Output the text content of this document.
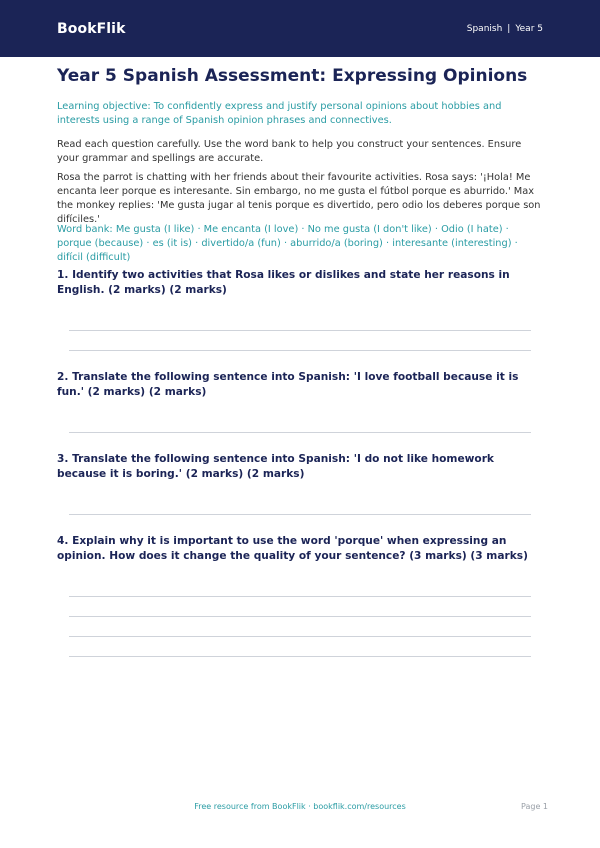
BookFlik	Spanish | Year 5
Year 5 Spanish Assessment: Expressing Opinions

Learning objective: To confidently express and justify personal opinions about hobbies and interests using a range of Spanish opinion phrases and connectives.

Read each question carefully. Use the word bank to help you construct your sentences. Ensure your grammar and spellings are accurate.

Rosa the parrot is chatting with her friends about their favourite activities. Rosa says: '¡Hola! Me encanta leer porque es interesante. Sin embargo, no me gusta el fútbol porque es aburrido.' Max the monkey replies: 'Me gusta jugar al tenis porque es divertido, pero odio los deberes porque son difíciles.'

Word bank: Me gusta (I like) · Me encanta (I love) · No me gusta (I don't like) · Odio (I hate) · porque (because) · es (it is) · divertido/a (fun) · aburrido/a (boring) · interesante (interesting) · difícil (difficult)

1. Identify two activities that Rosa likes or dislikes and state her reasons in English. (2 marks) (2 marks)
2. Translate the following sentence into Spanish: 'I love football because it is fun.' (2 marks) (2 marks)
3. Translate the following sentence into Spanish: 'I do not like homework because it is boring.' (2 marks) (2 marks)
4. Explain why it is important to use the word 'porque' when expressing an opinion. How does it change the quality of your sentence? (3 marks) (3 marks)
Free resource from BookFlik · bookflik.com/resources	Page 1
